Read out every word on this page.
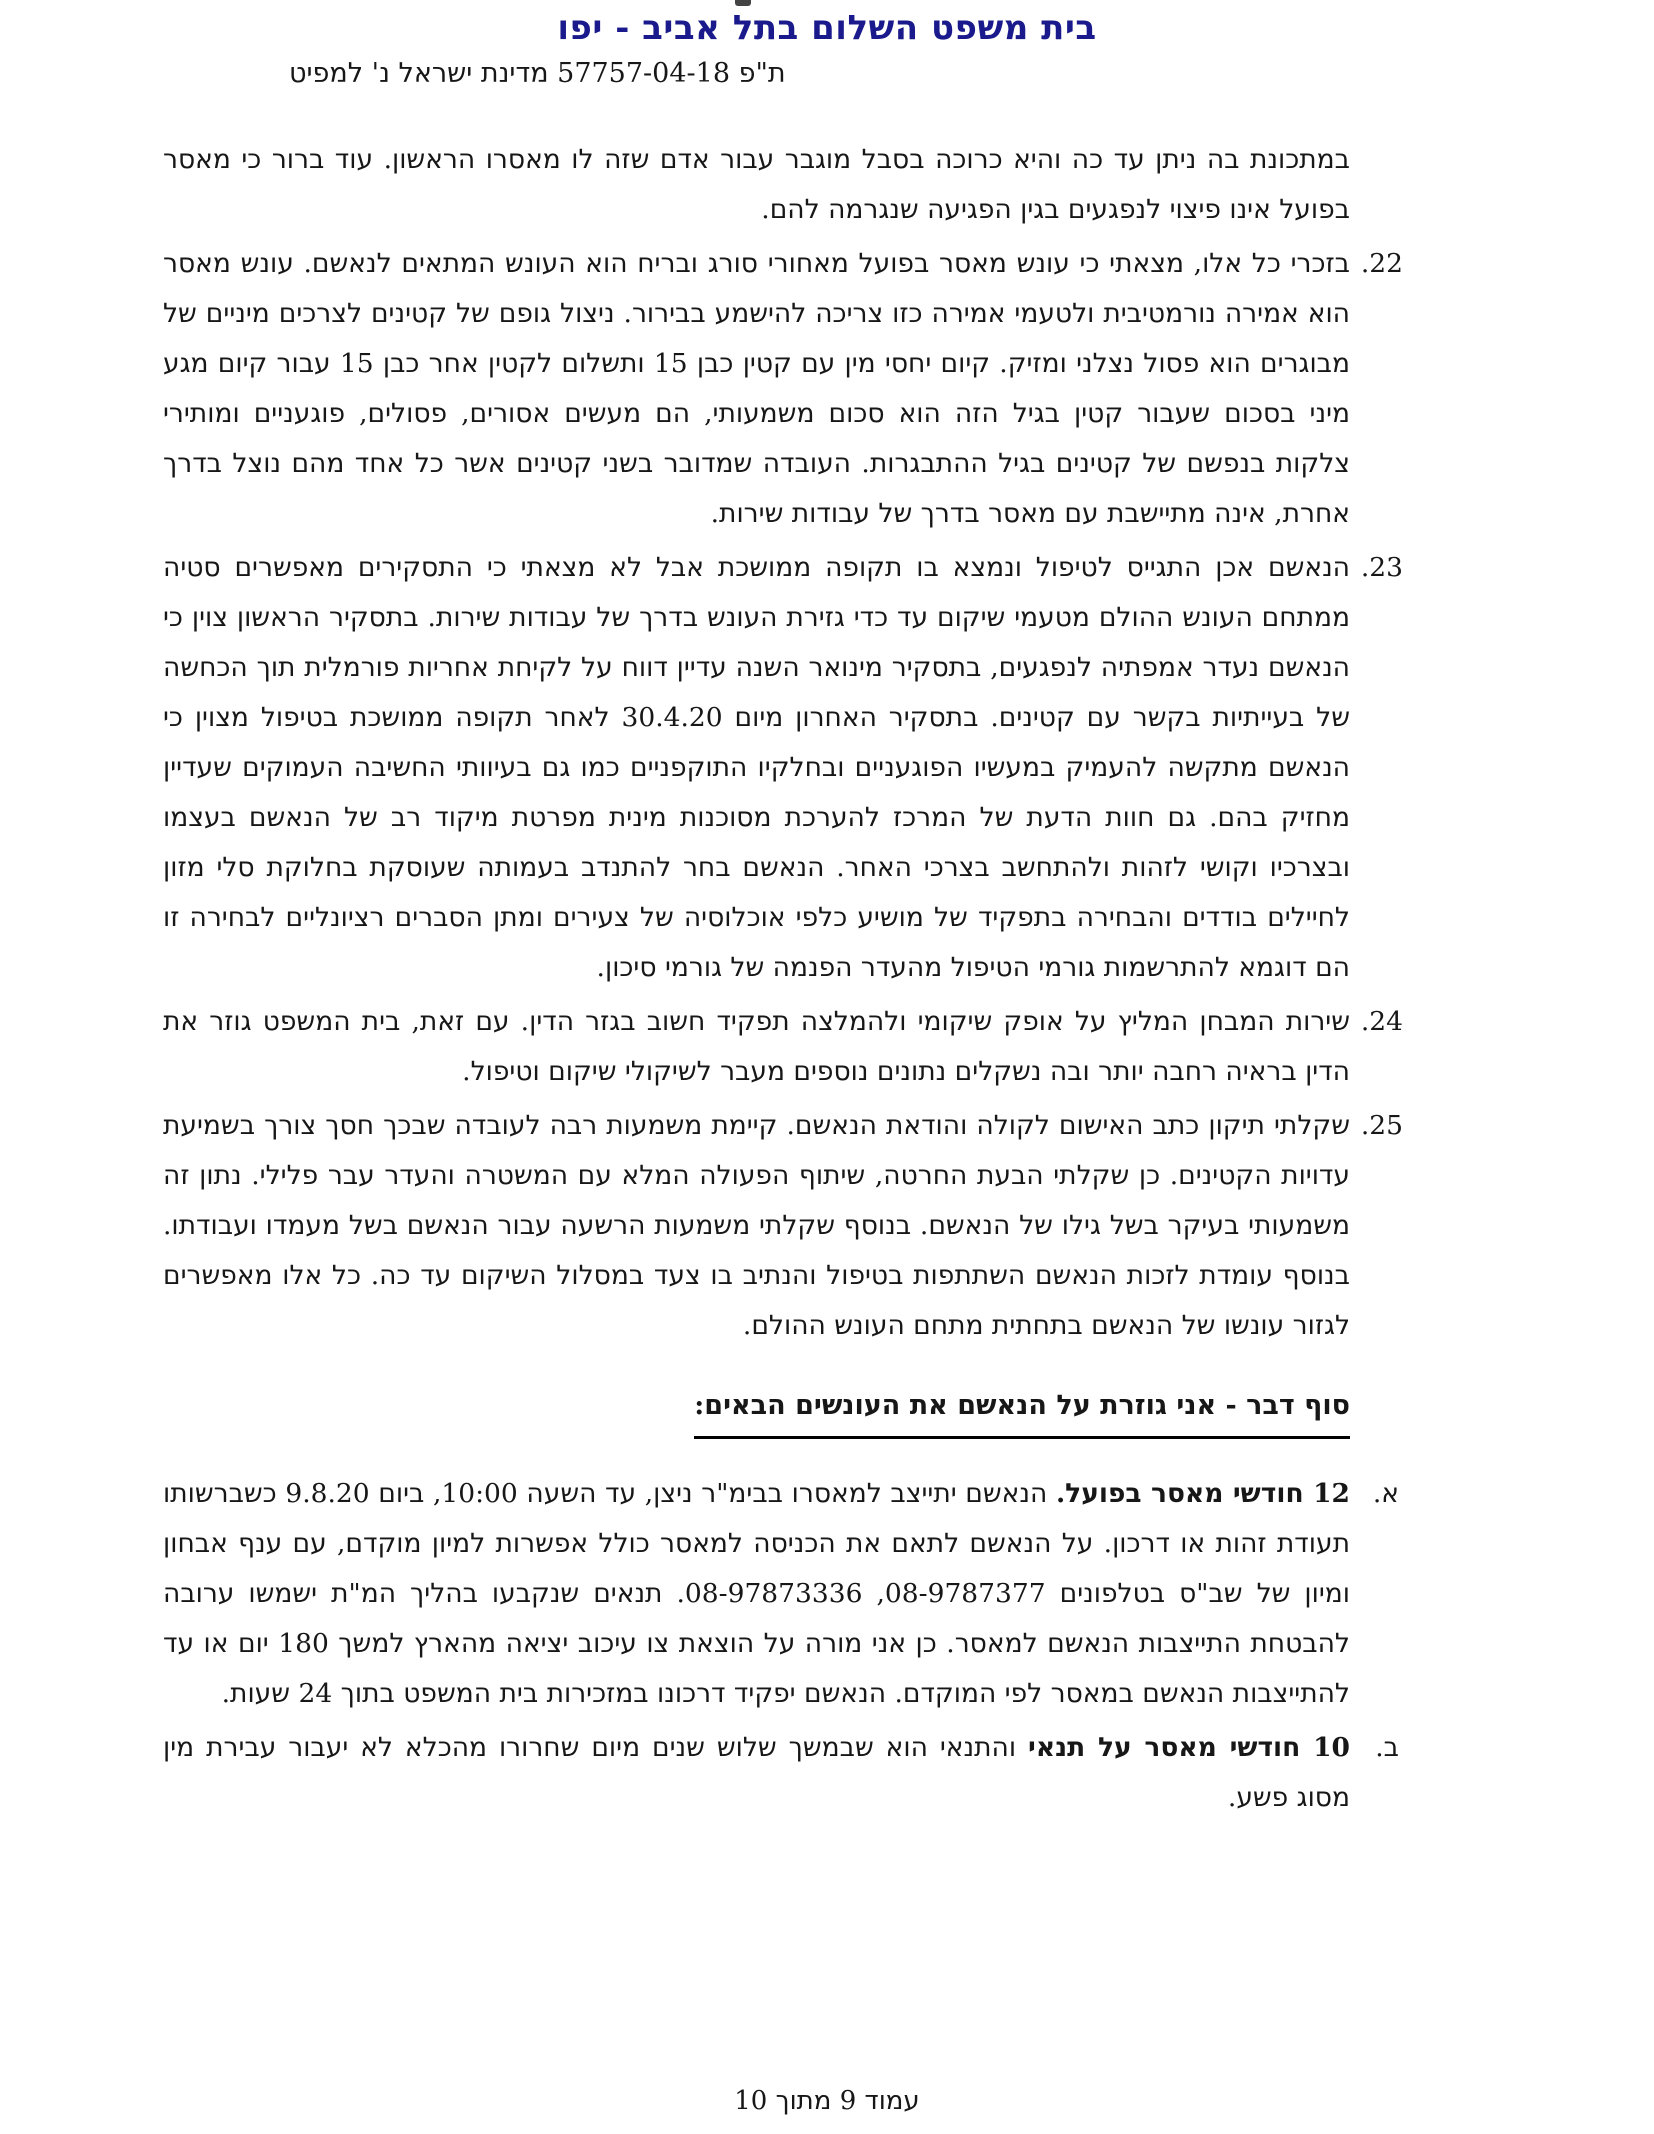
בית משפט השלום בתל אביב - יפו
ת"פ 57757-04-18 מדינת ישראל נ' למפיט
במתכונת בה ניתן עד כה והיא כרוכה בסבל מוגבר עבור אדם שזה לו מאסרו הראשון. עוד ברור כי מאסר בפועל אינו פיצוי לנפגעים בגין הפגיעה שנגרמה להם.
22.
בזכרי כל אלו, מצאתי כי עונש מאסר בפועל מאחורי סורג ובריח הוא העונש המתאים לנאשם. עונש מאסר הוא אמירה נורמטיבית ולטעמי אמירה כזו צריכה להישמע בבירור. ניצול גופם של קטינים לצרכים מיניים של מבוגרים הוא פסול נצלני ומזיק. קיום יחסי מין עם קטין כבן 15 ותשלום לקטין אחר כבן 15 עבור קיום מגע מיני בסכום שעבור קטין בגיל הזה הוא סכום משמעותי, הם מעשים אסורים, פסולים, פוגעניים ומותירי צלקות בנפשם של קטינים בגיל ההתבגרות. העובדה שמדובר בשני קטינים אשר כל אחד מהם נוצל בדרך אחרת, אינה מתיישבת עם מאסר בדרך של עבודות שירות.
23.
הנאשם אכן התגייס לטיפול ונמצא בו תקופה ממושכת אבל לא מצאתי כי התסקירים מאפשרים סטיה ממתחם העונש ההולם מטעמי שיקום עד כדי גזירת העונש בדרך של עבודות שירות. בתסקיר הראשון צוין כי הנאשם נעדר אמפתיה לנפגעים, בתסקיר מינואר השנה עדיין דווח על לקיחת אחריות פורמלית תוך הכחשה של בעייתיות בקשר עם קטינים. בתסקיר האחרון מיום 30.4.20 לאחר תקופה ממושכת בטיפול מצוין כי הנאשם מתקשה להעמיק במעשיו הפוגעניים ובחלקיו התוקפניים כמו גם בעיוותי החשיבה העמוקים שעדיין מחזיק בהם. גם חוות הדעת של המרכז להערכת מסוכנות מינית מפרטת מיקוד רב של הנאשם בעצמו ובצרכיו וקושי לזהות ולהתחשב בצרכי האחר. הנאשם בחר להתנדב בעמותה שעוסקת בחלוקת סלי מזון לחיילים בודדים והבחירה בתפקיד של מושיע כלפי אוכלוסיה של צעירים ומתן הסברים רציונליים לבחירה זו הם דוגמא להתרשמות גורמי הטיפול מהעדר הפנמה של גורמי סיכון.
24.
שירות המבחן המליץ על אופק שיקומי ולהמלצה תפקיד חשוב בגזר הדין. עם זאת, בית המשפט גוזר את הדין בראיה רחבה יותר ובה נשקלים נתונים נוספים מעבר לשיקולי שיקום וטיפול.
25.
שקלתי תיקון כתב האישום לקולה והודאת הנאשם. קיימת משמעות רבה לעובדה שבכך חסך צורך בשמיעת עדויות הקטינים. כן שקלתי הבעת החרטה, שיתוף הפעולה המלא עם המשטרה והעדר עבר פלילי. נתון זה משמעותי בעיקר בשל גילו של הנאשם. בנוסף שקלתי משמעות הרשעה עבור הנאשם בשל מעמדו ועבודתו. בנוסף עומדת לזכות הנאשם השתתפות בטיפול והנתיב בו צעד במסלול השיקום עד כה. כל אלו מאפשרים לגזור עונשו של הנאשם בתחתית מתחם העונש ההולם.
סוף דבר - אני גוזרת על הנאשם את העונשים הבאים:
א.
12 חודשי מאסר בפועל. הנאשם יתייצב למאסרו בבימ"ר ניצן, עד השעה 10:00, ביום 9.8.20 כשברשותו תעודת זהות או דרכון. על הנאשם לתאם את הכניסה למאסר כולל אפשרות למיון מוקדם, עם ענף אבחון ומיון של שב"ס בטלפונים 08-9787377, 08-97873336. תנאים שנקבעו בהליך המ"ת ישמשו ערובה להבטחת התייצבות הנאשם למאסר. כן אני מורה על הוצאת צו עיכוב יציאה מהארץ למשך 180 יום או עד להתייצבות הנאשם במאסר לפי המוקדם. הנאשם יפקיד דרכונו במזכירות בית המשפט בתוך 24 שעות.
ב.
10 חודשי מאסר על תנאי והתנאי הוא שבמשך שלוש שנים מיום שחרורו מהכלא לא יעבור עבירת מין מסוג פשע.
עמוד 9 מתוך 10
